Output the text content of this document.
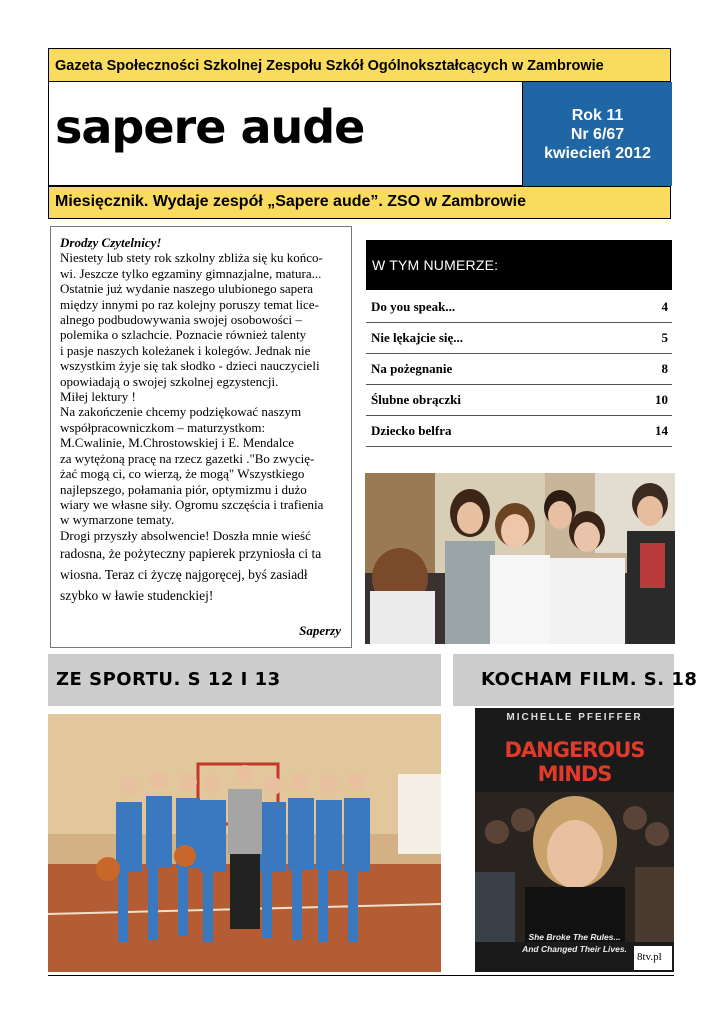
Gazeta Społeczności Szkolnej Zespołu Szkół Ogólnokształcących w Zambrowie
sapere aude	Rok 11
Nr 6/67
kwiecień 2012
Miesięcznik. Wydaje zespół „Sapere aude”. ZSO w Zambrowie

Drodzy Czytelnicy!

Niestety lub stety rok szkolny zbliża się ku końco-

wi. Jeszcze tylko egzaminy gimnazjalne, matura...

Ostatnie już wydanie naszego ulubionego sapera

między innymi po raz kolejny poruszy temat lice-

alnego podbudowywania swojej osobowości –

polemika o szlachcie. Poznacie również talenty

i pasje naszych koleżanek i kolegów. Jednak nie

wszystkim żyje się tak słodko - dzieci nauczycieli

opowiadają o swojej szkolnej egzystencji.

Miłej lektury !

Na zakończenie chcemy podziękować naszym

współpracowniczkom – maturzystkom:

M.Cwalinie, M.Chrostowskiej i E. Mendalce

za wytężoną pracę na rzecz gazetki ."Bo zwycię-

żać mogą ci, co wierzą, że mogą" Wszystkiego

najlepszego, połamania piór, optymizmu i dużo

wiary we własne siły. Ogromu szczęścia i trafienia

w wymarzone tematy.

Drogi przyszły absolwencie! Doszła mnie wieść

radosna, że pożyteczny papierek przyniosła ci ta

wiosna. Teraz ci życzę najgoręcej, byś zasiadł

szybko w ławie studenckiej!

Saperzy
W TYM NUMERZE:
Do you speak...	4
Nie lękajcie się...	5
Na pożegnanie	8
Ślubne obrączki	10
Dziecko belfra	14
ZE SPORTU. S 12 I 13	KOCHAM FILM. S. 18
MICHELLE PFEIFFER
DANGEROUS
MINDS
She Broke The Rules...
And Changed Their Lives.
8tv.pl
